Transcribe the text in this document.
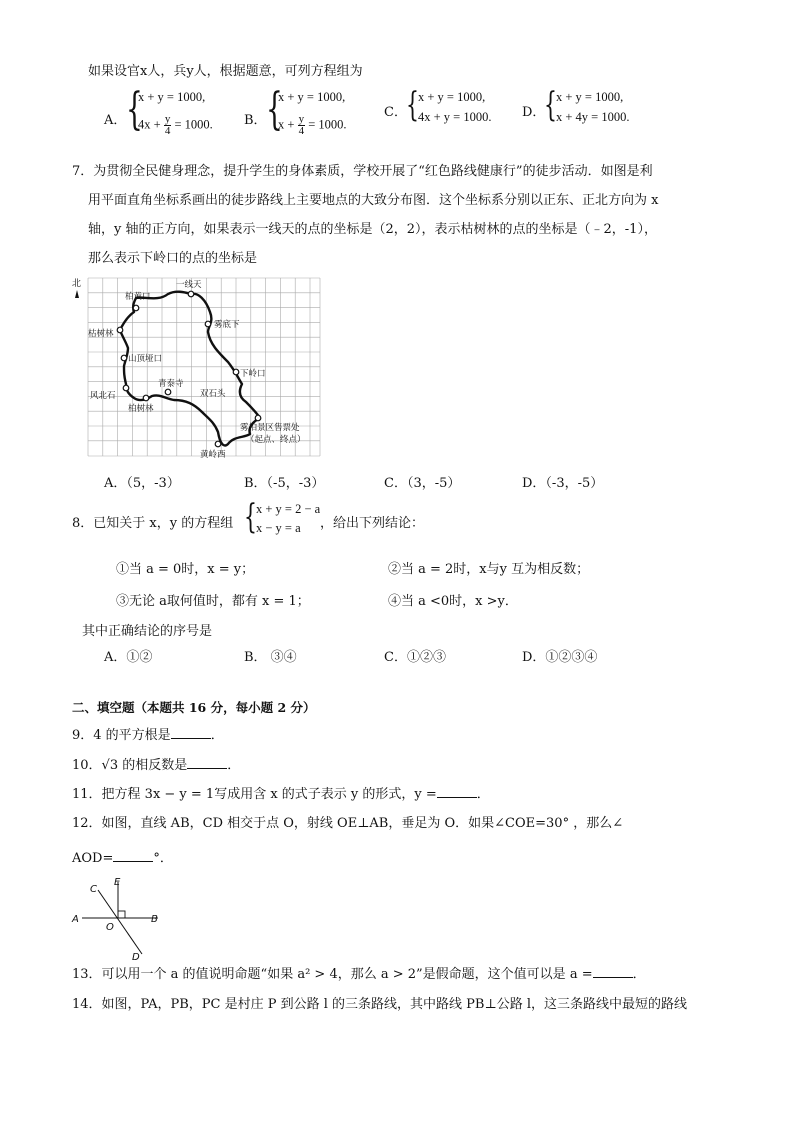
如果设官x人，兵y人，根据题意，可列方程组为
A． {
x + y = 1000,
$4x + \frac{y}{4} = 1000$. B． {
x + y = 1000,
$x + \frac{y}{4} = 1000$.
C． { x + y = 1000,
4x + y = 1000. D．
{ x + y = 1000,
x + 4y = 1000.
7．为贯彻全民健身理念，提升学生的身体素质，学校开展了“红色路线健康行”的徒步活动．如图是利
用平面直角坐标系画出的徒步路线上主要地点的大致分布图．这个坐标系分别以正东、正北方向为 x
轴，y 轴的正方向，如果表示一线天的点的坐标是（2，2），表示枯树林的点的坐标是（﹣2，-1），
那么表示下岭口的点的坐标是
北	一线天
柏黄口
雾底下
枯树林
山顶垭口
下岭口
风北石
青泰寺
双石头
柏树林
雾柏景区售票处
（起点、终点）
黄岭西
A．（5，-3）	B．（-5，-3）	C．（3，-5）	D．（-3，-5）
8．已知关于 x，y 的方程组 { x + y = 2 − a
x − y = a ，给出下列结论：
①当 a = 0时，x = y；	②当 a = 2时，x与y 互为相反数；
③无论 a取何值时，都有 x = 1；	④当 a <0时，x >y．
其中正确结论的序号是
A．①②	B． ③④	C．①②③	D．①②③④
二、填空题（本题共 16 分，每小题 2 分）
9．4 的平方根是	．
10．√3 的相反数是	．
11．把方程 3x − y = 1写成用含 x 的式子表示 y 的形式，y =	．
12．如图，直线 AB，CD 相交于点 O，射线 OE⊥AB，垂足为 O．如果∠COE=30° ，那么∠
AOD=	°．
C
E
A
O
B
D
13．可以用一个 a 的值说明命题“如果 a² > 4，那么 a > 2”是假命题，这个值可以是 a =	．
14．如图，PA，PB，PC 是村庄 P 到公路 l 的三条路线，其中路线 PB⊥公路 l，这三条路线中最短的路线
